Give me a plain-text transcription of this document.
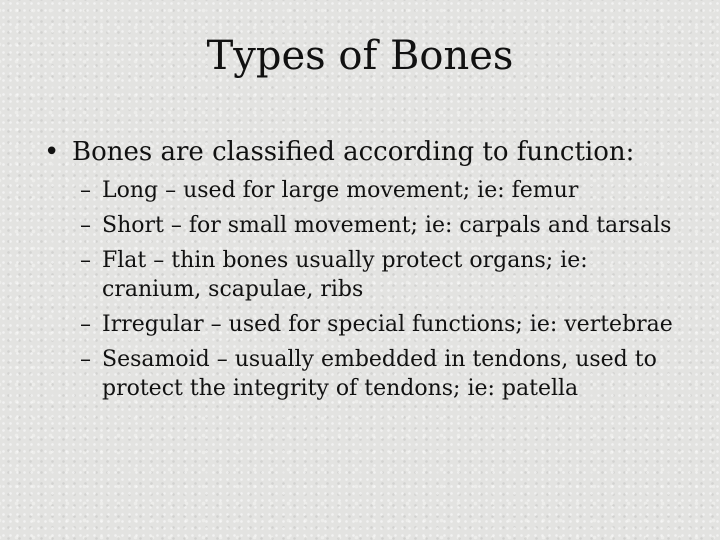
Types of Bones
• Bones are classified according to function:
– Long – used for large movement; ie: femur
– Short – for small movement; ie: carpals and tarsals
– Flat – thin bones usually protect organs; ie: cranium, scapulae, ribs
– Irregular – used for special functions; ie: vertebrae
– Sesamoid – usually embedded in tendons, used to protect the integrity of tendons; ie: patella
